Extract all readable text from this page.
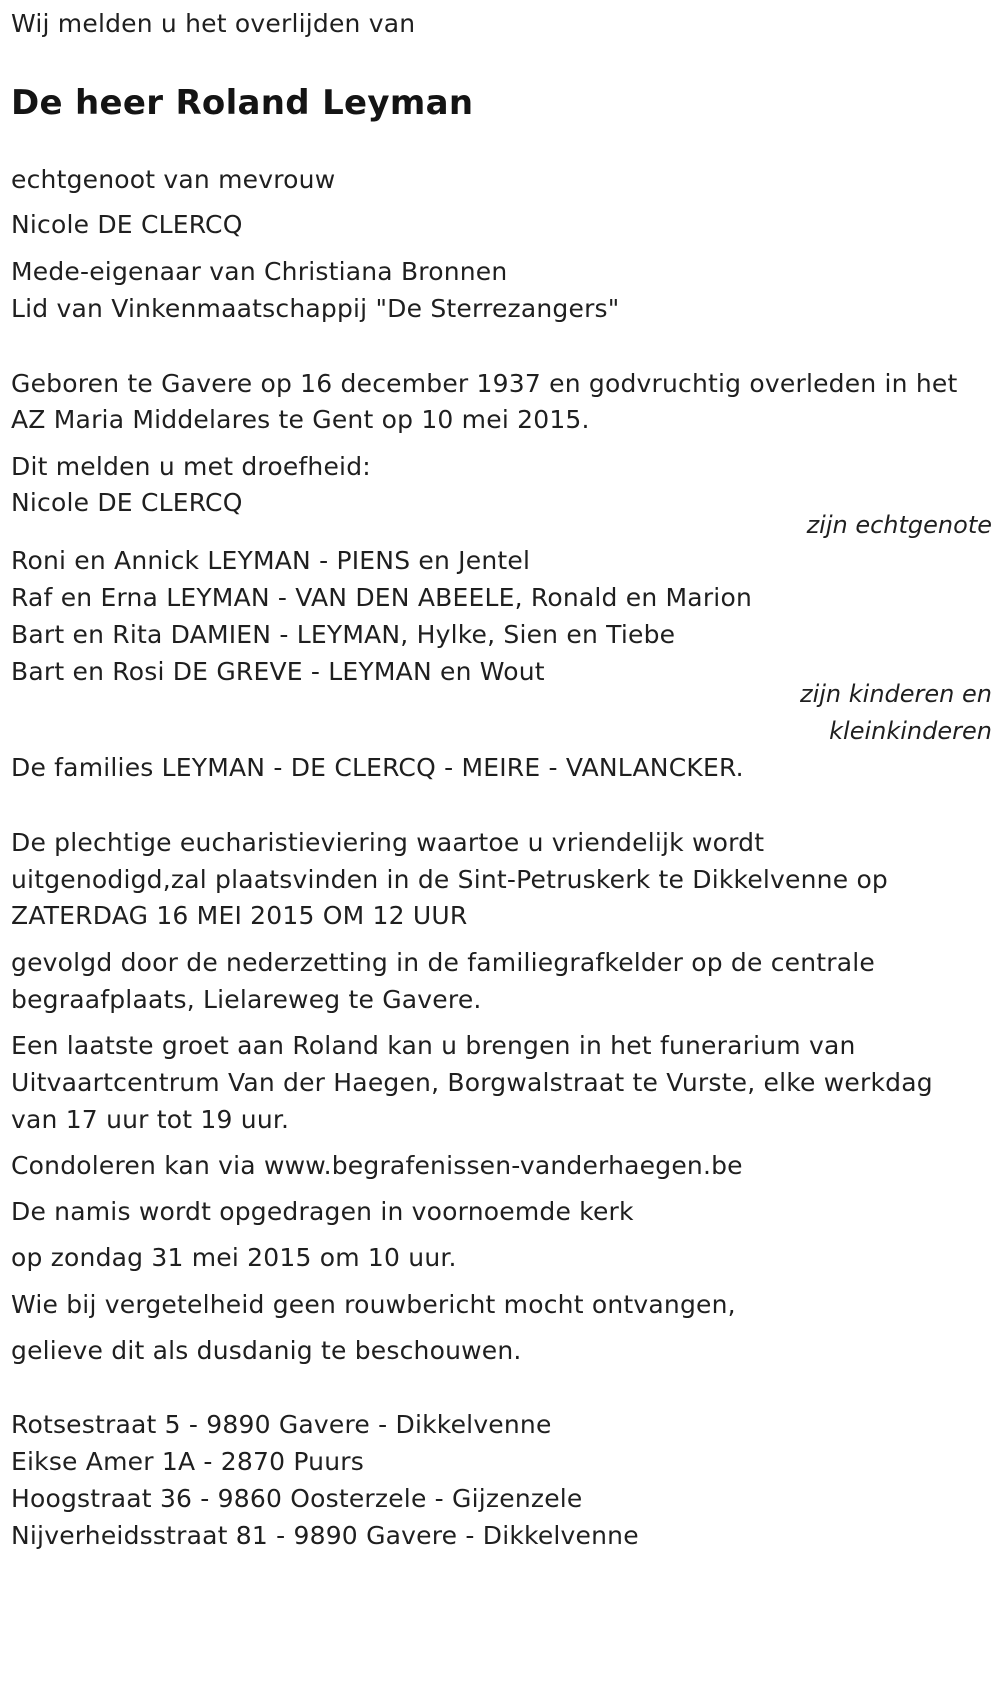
Wij melden u het overlijden van

De heer Roland Leyman

echtgenoot van mevrouw

Nicole DE CLERCQ

Mede-eigenaar van Christiana Bronnen

Lid van Vinkenmaatschappij "De Sterrezangers"

Geboren te Gavere op 16 december 1937 en godvruchtig overleden in het

AZ Maria Middelares te Gent op 10 mei 2015.

Dit melden u met droefheid:

Nicole DE CLERCQ

zijn echtgenote

Roni en Annick LEYMAN - PIENS en Jentel

Raf en Erna LEYMAN - VAN DEN ABEELE, Ronald en Marion

Bart en Rita DAMIEN - LEYMAN, Hylke, Sien en Tiebe

Bart en Rosi DE GREVE - LEYMAN en Wout

zijn kinderen en

kleinkinderen

De families LEYMAN - DE CLERCQ - MEIRE - VANLANCKER.

De plechtige eucharistieviering waartoe u vriendelijk wordt

uitgenodigd,zal plaatsvinden in de Sint-Petruskerk te Dikkelvenne op

ZATERDAG 16 MEI 2015 OM 12 UUR

gevolgd door de nederzetting in de familiegrafkelder op de centrale

begraafplaats, Lielareweg te Gavere.

Een laatste groet aan Roland kan u brengen in het funerarium van

Uitvaartcentrum Van der Haegen, Borgwalstraat te Vurste, elke werkdag

van 17 uur tot 19 uur.

Condoleren kan via www.begrafenissen-vanderhaegen.be

De namis wordt opgedragen in voornoemde kerk

op zondag 31 mei 2015 om 10 uur.

Wie bij vergetelheid geen rouwbericht mocht ontvangen,

gelieve dit als dusdanig te beschouwen.

Rotsestraat 5 - 9890 Gavere - Dikkelvenne

Eikse Amer 1A - 2870 Puurs

Hoogstraat 36 - 9860 Oosterzele - Gijzenzele

Nijverheidsstraat 81 - 9890 Gavere - Dikkelvenne
